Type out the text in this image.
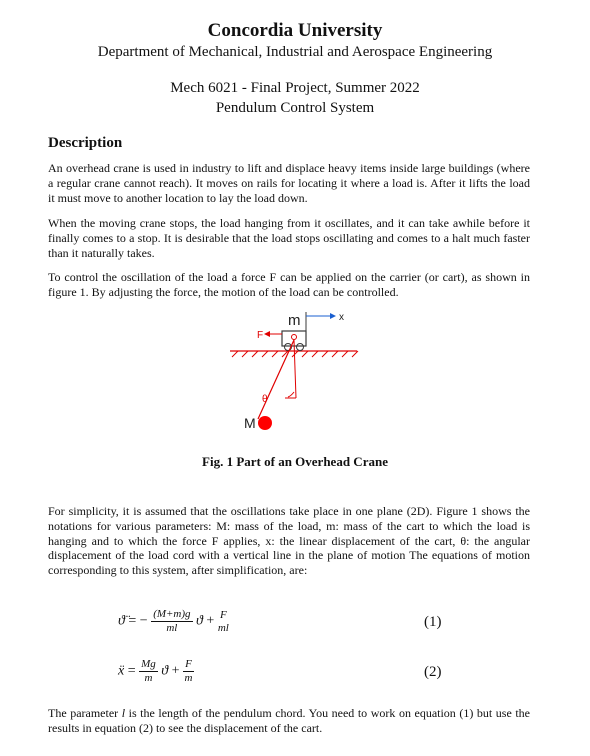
Concordia University
Department of Mechanical, Industrial and Aerospace Engineering
Mech 6021 - Final Project, Summer 2022
Pendulum Control System
Description
An overhead crane is used in industry to lift and displace heavy items inside large buildings (where a regular crane cannot reach). It moves on rails for locating it where a load is. After it lifts the load it must move to another location to lay the load down.
When the moving crane stops, the load hanging from it oscillates, and it can take awhile before it finally comes to a stop. It is desirable that the load stops oscillating and comes to a halt much faster than it naturally takes.
To control the oscillation of the load a force F can be applied on the carrier (or cart), as shown in figure 1. By adjusting the force, the motion of the load can be controlled.
m	x
F
θ
M
Fig. 1 Part of an Overhead Crane
For simplicity, it is assumed that the oscillations take place in one plane (2D). Figure 1 shows the notations for various parameters: M: mass of the load, m: mass of the cart to which the load is hanging and to which the force F applies, x: the linear displacement of the cart, θ: the angular displacement of the load cord with a vertical line in the plane of motion The equations of motion corresponding to this system, after simplification, are:
ϑ̈ = − $\frac{(M+m)g}{ml}$ ϑ + F
ml	(1)
ẍ = $\frac{Mg}{m}$ $ϑ + \frac{F}{m}$	(2)
The parameter l is the length of the pendulum chord. You need to work on equation (1) but use the results in equation (2) to see the displacement of the cart.
